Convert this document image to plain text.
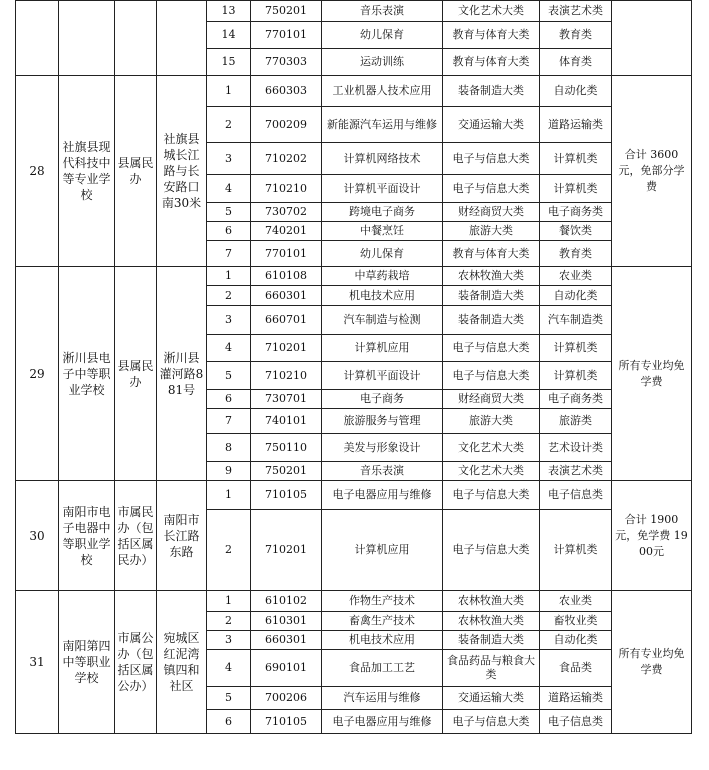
				13	750201	音乐表演	文化艺术大类	表演艺术类	
				14	770101	幼儿保育	教育与体育大类	教育类	
				15	770303	运动训练	教育与体育大类	体育类	
28	社旗县现代科技中等专业学校	县属民办	社旗县城长江路与长安路口南30米	1	660303	工业机器人技术应用	装备制造大类	自动化类	合计 3600元，免部分学费
				2	700209	新能源汽车运用与维修	交通运输大类	道路运输类	
				3	710202	计算机网络技术	电子与信息大类	计算机类	
				4	710210	计算机平面设计	电子与信息大类	计算机类	
				5	730702	跨境电子商务	财经商贸大类	电子商务类	
				6	740201	中餐烹饪	旅游大类	餐饮类	
				7	770101	幼儿保育	教育与体育大类	教育类	
29	淅川县电子中等职业学校	县属民办	淅川县灌河路881号	1	610108	中草药栽培	农林牧渔大类	农业类	所有专业均免学费
				2	660301	机电技术应用	装备制造大类	自动化类	
				3	660701	汽车制造与检测	装备制造大类	汽车制造类	
				4	710201	计算机应用	电子与信息大类	计算机类	
				5	710210	计算机平面设计	电子与信息大类	计算机类	
				6	730701	电子商务	财经商贸大类	电子商务类	
				7	740101	旅游服务与管理	旅游大类	旅游类	
				8	750110	美发与形象设计	文化艺术大类	艺术设计类	
				9	750201	音乐表演	文化艺术大类	表演艺术类	
30	南阳市电子电器中等职业学校	市属民办（包括区属民办）	南阳市长江路东路	1	710105	电子电器应用与维修	电子与信息大类	电子信息类	合计 1900元，免学费 1900元
				2	710201	计算机应用	电子与信息大类	计算机类	
31	南阳第四中等职业学校	市属公办（包括区属公办）	宛城区红泥湾镇四和社区	1	610102	作物生产技术	农林牧渔大类	农业类	所有专业均免学费
				2	610301	畜禽生产技术	农林牧渔大类	畜牧业类	
				3	660301	机电技术应用	装备制造大类	自动化类	
				4	690101	食品加工工艺	食品药品与粮食大类	食品类	
				5	700206	汽车运用与维修	交通运输大类	道路运输类	
				6	710105	电子电器应用与维修	电子与信息大类	电子信息类	
